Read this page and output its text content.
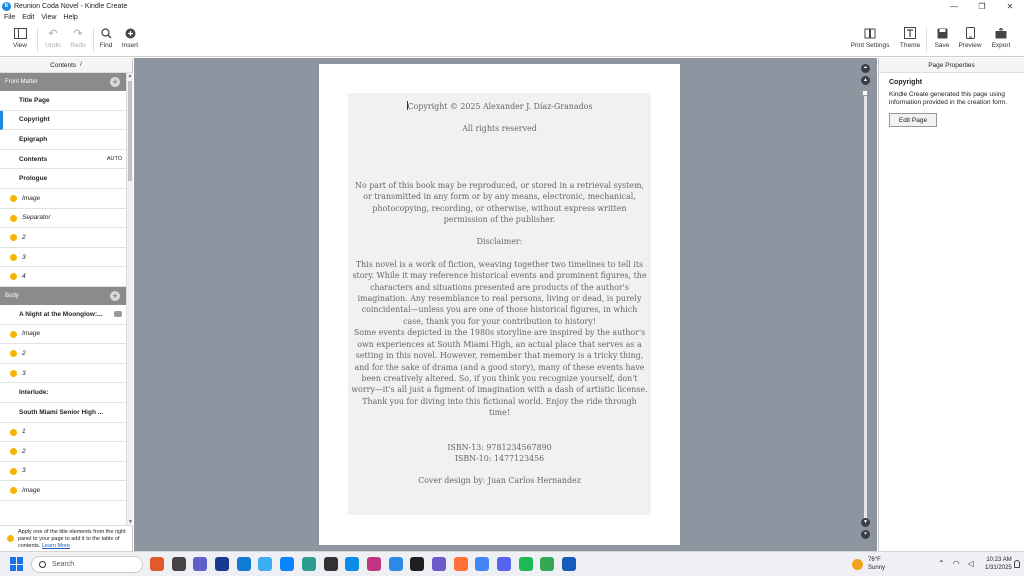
k Reunion Coda Novel - Kindle Create	—	❐	✕
File Edit View Help
View
↶
Undo
↷
Redo Find Insert	Print Settings Theme Save Preview Export
Contents /
Front Matter	+
Title Page
Copyright
Epigraph
Contents	AUTO
Prologue
Image
Separator
2
3
4
Body	+
A Night at the Moonglow:...
Image
2
3
Interlude:
South Miami Senior High ...
1
2
3
Image
▲
▼
Apply one of the title elements from the right panel to your page to add it to the table of contents. Learn More

Copyright © 2025 Alexander J. Díaz-Granados

All rights reserved

No part of this book may be reproduced, or stored in a retrieval system, or transmitted in any form or by any means, electronic, mechanical, photocopying, recording, or otherwise, without express written permission of the publisher.

Disclaimer:

This novel is a work of fiction, weaving together two timelines to tell its story. While it may reference historical events and prominent figures, the characters and situations presented are products of the author's imagination. Any resemblance to real persons, living or dead, is purely coincidental—unless you are one of those historical figures, in which case, thank you for your contribution to history!

Some events depicted in the 1980s storyline are inspired by the author's own experiences at South Miami High, an actual place that serves as a setting in this novel. However, remember that memory is a tricky thing, and for the sake of drama (and a good story), many of these events have been creatively altered. So, if you think you recognize yourself, don't worry—it's all just a figment of imagination with a dash of artistic license.

Thank you for diving into this fictional world. Enjoy the ride through time!

ISBN-13: 9781234567890

ISBN-10: 1477123456

Cover design by: Juan Carlos Hernandez

⏶
▲
▼
⏷
Page Properties
Copyright
Kindle Create generated this page using information provided in the creation form.
Edit Page
Search
76°F
Sunny	⌃ ◠ ◁ 10:23 AM
1/31/2025
